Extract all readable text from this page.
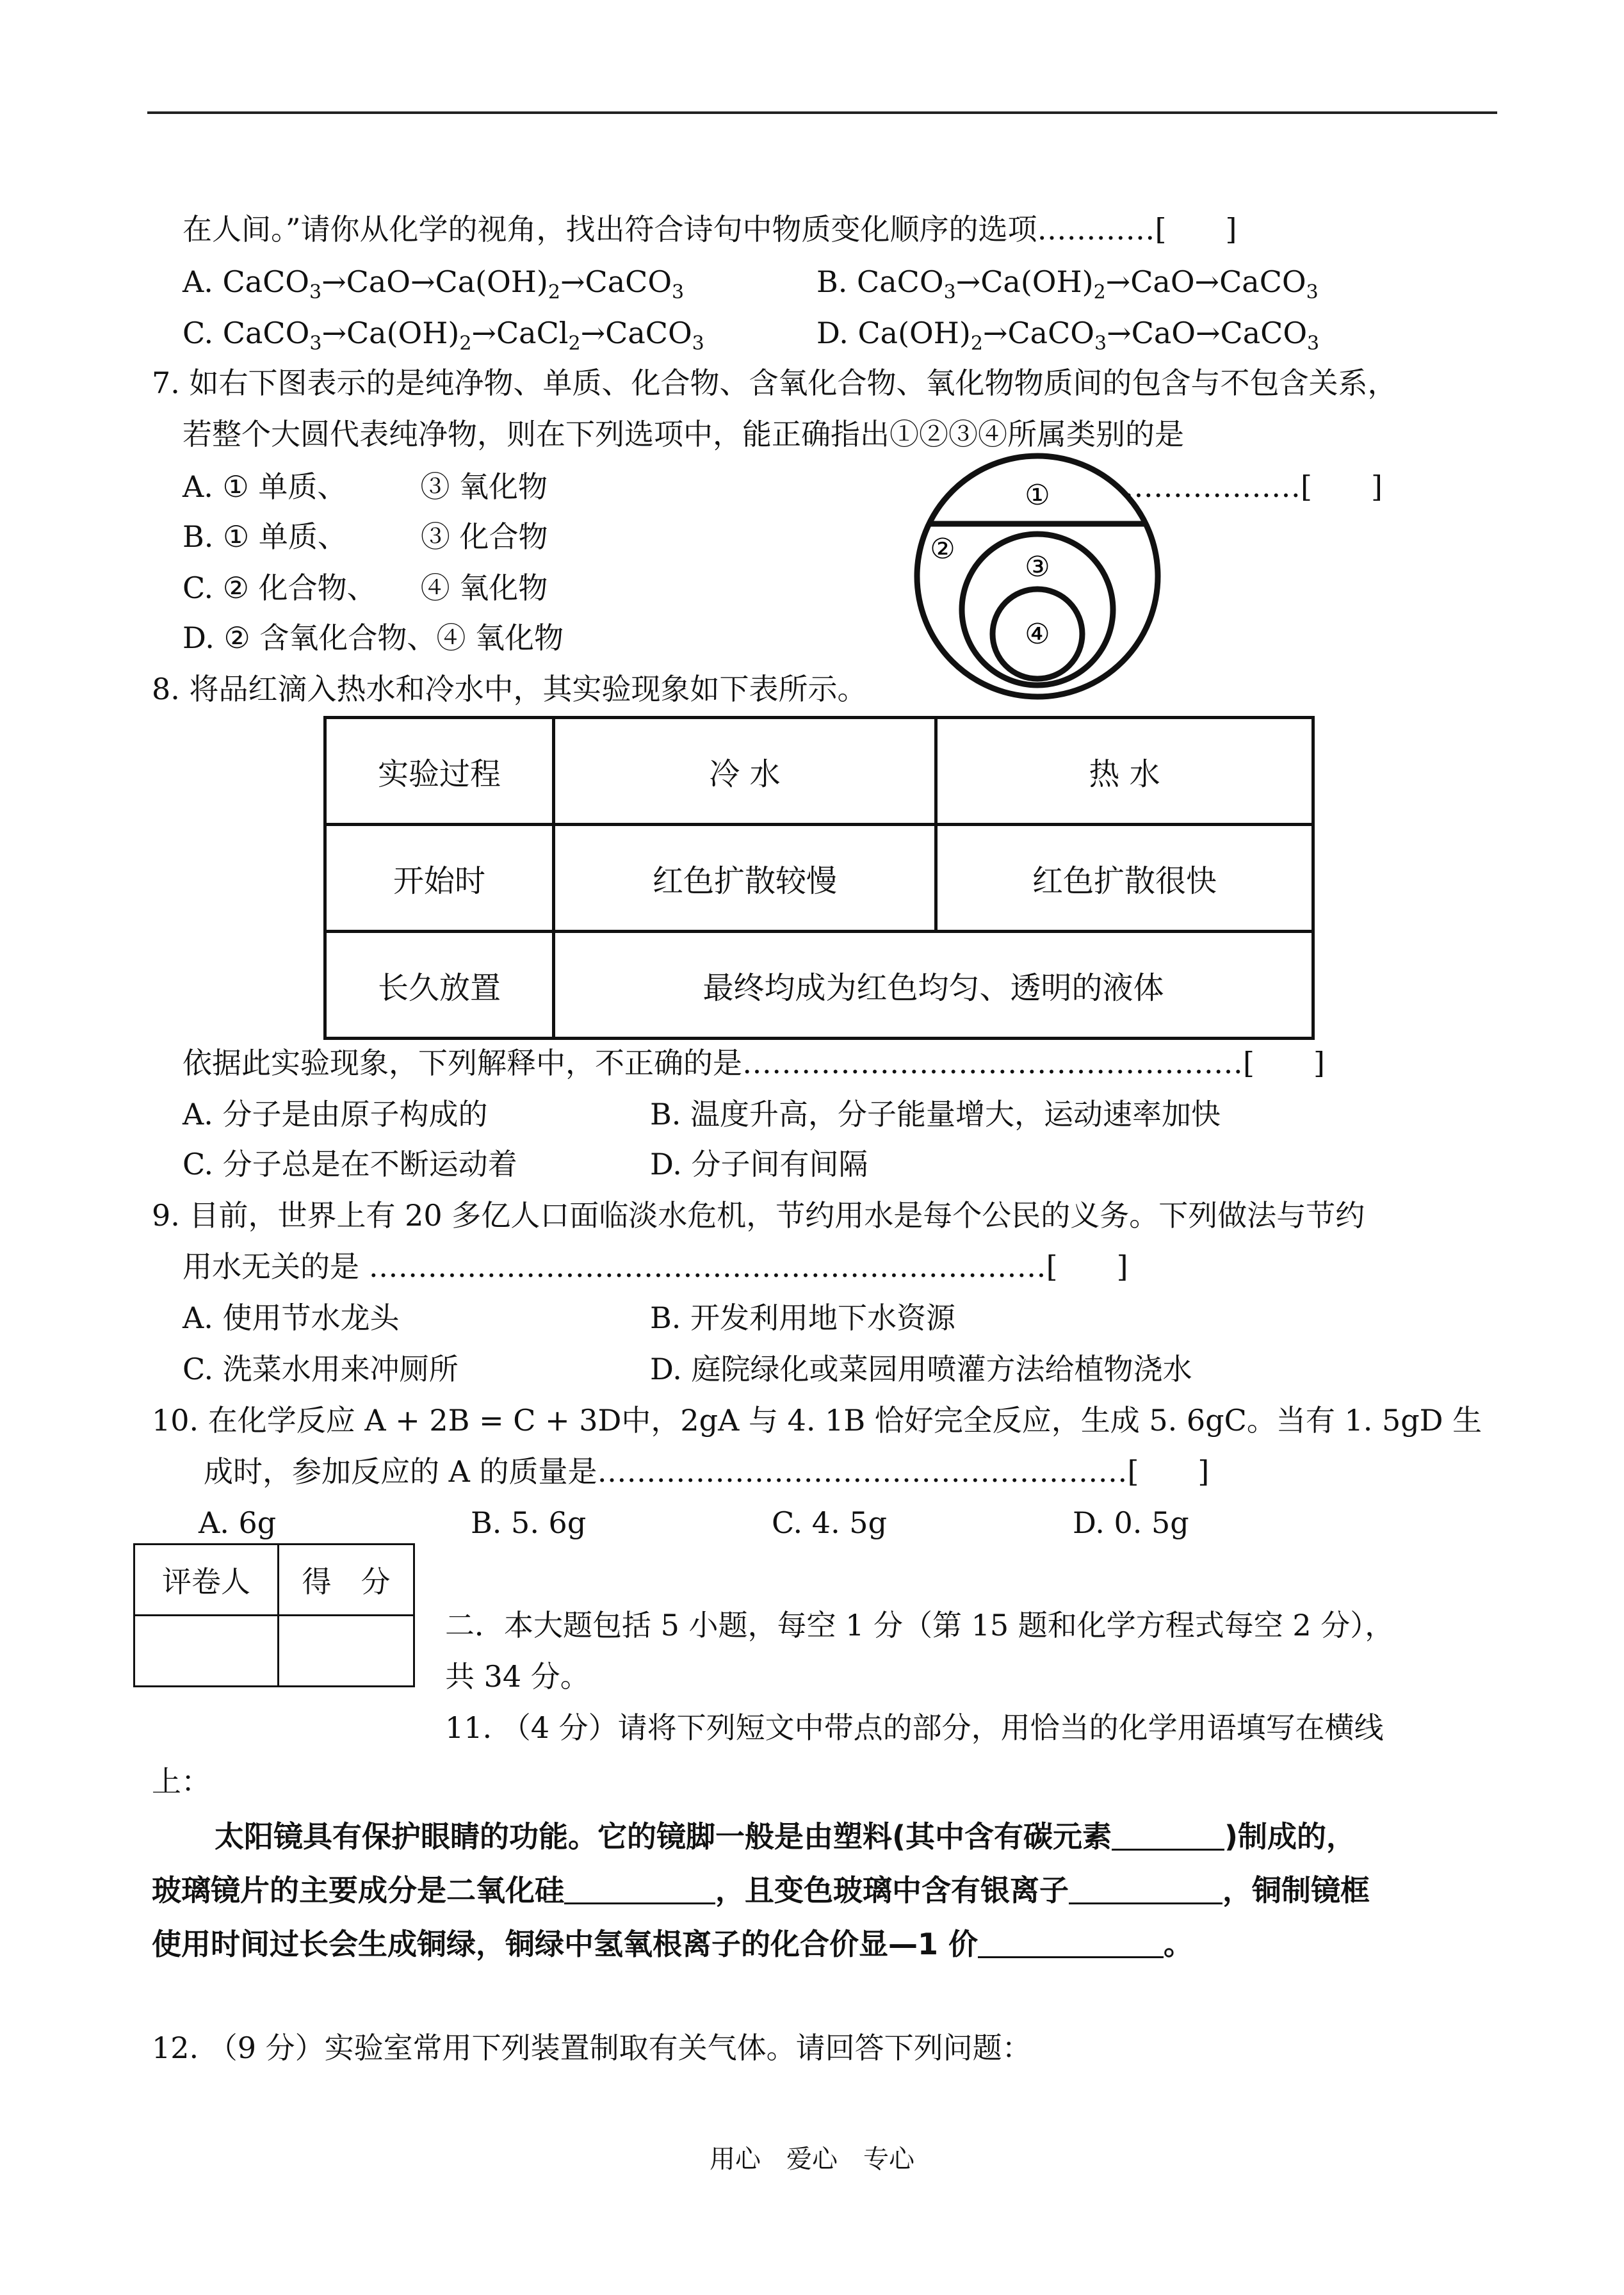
在人间。”请你从化学的视角，找出符合诗句中物质变化顺序的选项…………[　　]
A. $CaCO_3\to CaO\to Ca(OH)_2\to CaCO_3$	B. $CaCO_3\to Ca(OH)_2\to CaO\to CaCO_3$
C. $CaCO_3\to Ca(OH)_2\to CaCl_2\to CaCO_3$	D. $Ca(OH)_2\to CaCO_3\to CaO\to CaCO_3$
7. 如右下图表示的是纯净物、单质、化合物、含氧化合物、氧化物物质间的包含与不包含关系，
若整个大圆代表纯净物，则在下列选项中，能正确指出①②③④所属类别的是
………………[　　]
A. ① 单质、　　　③ 氧化物
B. ① 单质、　　　③ 化合物
C. ② 化合物、　　④ 氧化物
D. ② 含氧化合物、④ 氧化物
①
②
③
④
8. 将品红滴入热水和冷水中，其实验现象如下表所示。
实验过程	冷 水	热 水
开始时	红色扩散较慢	红色扩散很快
长久放置	最终均成为红色均匀、透明的液体	
依据此实验现象，下列解释中，不正确的是……………………………………………[　　]
A. 分子是由原子构成的	B. 温度升高，分子能量增大，运动速率加快
C. 分子总是在不断运动着	D. 分子间有间隔
9. 目前，世界上有 20 多亿人口面临淡水危机，节约用水是每个公民的义务。下列做法与节约
用水无关的是 ……………………………………………………………[　　]
A. 使用节水龙头	B. 开发利用地下水资源
C. 洗菜水用来冲厕所	D. 庭院绿化或菜园用喷灌方法给植物浇水
10. 在化学反应 A + 2B = C + 3D中，2gA 与 4. 1B 恰好完全反应，生成 5. 6gC。当有 1. 5gD 生
成时，参加反应的 A 的质量是………………………………………………[　　]
A. 6g	B. 5. 6g	C. 4. 5g	D. 0. 5g
评卷人	得　分

二．本大题包括 5 小题，每空 1 分（第 15 题和化学方程式每空 2 分），
共 34 分。
11. （4 分）请将下列短文中带点的部分，用恰当的化学用语填写在横线
上：
太阳镜具有保护眼睛的功能。它的镜脚一般是由塑料(其中含有碳元素	)制成的，
玻璃镜片的主要成分是二氧化硅	，且变色玻璃中含有银离子	，铜制镜框
使用时间过长会生成铜绿，铜绿中氢氧根离子的化合价显—1 价	。
12. （9 分）实验室常用下列装置制取有关气体。请回答下列问题：
用心　爱心　专心
